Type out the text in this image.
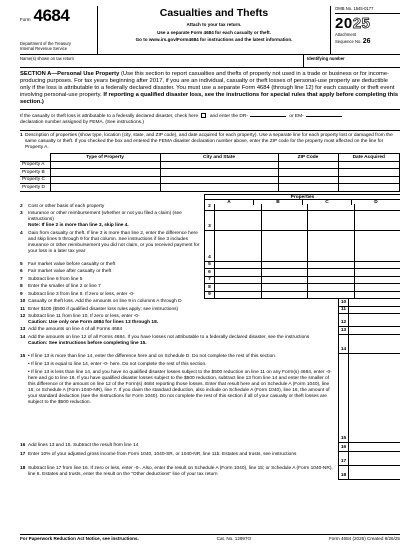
Form 4684
Department of the Treasury
Internal Revenue Service
Casualties and Thefts
Attach to your tax return.
Use a separate Form 4684 for each casualty or theft.
Go to www.irs.gov/Form4684 for instructions and the latest information.
OMB No. 1545-0177
2025
Attachment
Sequence No. 26
Name(s) shown on tax return	Identifying number
SECTION A—Personal Use Property (Use this section to report casualties and thefts of property not used in a trade or business or for income-producing purposes. For tax years beginning after 2017, if you are an individual, casualty or theft losses of personal-use property are deductible only if the loss is attributable to a federally declared disaster. You must use a separate Form 4684 (through line 12) for each casualty or theft event involving personal-use property. If reporting a qualified disaster loss, see the instructions for special rules that apply before completing this section.)
If the casualty or theft loss is attributable to a federally declared disaster, check here and enter the DR-	or EM-
declaration number assigned by FEMA. (See instructions.)
1 Description of properties (show type, location (city, state, and ZIP code), and date acquired for each property). Use a separate line for each property lost or damaged from the same casualty or theft. If you checked the box and entered the FEMA disaster declaration number above, enter the ZIP code for the property most affected on the line for Property A.
	Type of Property	City and State	ZIP Code	Date Acquired
Property A				
Property B				
Property C				
Property D				
Properties
A	B	C	D
2	Cost or other basis of each property	2
3	Insurance or other reimbursement (whether or not you filed a claim) (see instructions)
Note: If line 2 is more than line 3, skip line 4.	3
4	Gain from casualty or theft. If line 3 is more than line 2, enter the difference here and skip lines 5 through 9 for that column. See instructions if line 3 includes insurance or other reimbursement you did not claim, or you received payment for your loss in a later tax year
4
5	Fair market value before casualty or theft	5
6	Fair market value after casualty or theft	6
7	Subtract line 6 from line 5	7
8	Enter the smaller of line 2 or line 7	8
9	Subtract line 3 from line 8. If zero or less, enter -0-	9
10 Casualty or theft loss. Add the amounts on line 9 in columns A through D	10
11 Enter $100 ($500 if qualified disaster loss rules apply; see instructions)	11
12 Subtract line 11 from line 10. If zero or less, enter -0-
Caution: Use only one Form 4684 for lines 13 through 18.	12
13 Add the amounts on line 4 of all Forms 4684	13
14 Add the amounts on line 12 of all Forms 4684. If you have losses not attributable to a federally declared disaster, see the instructions
Caution: See instructions before completing line 15.
14
15 • If line 13 is more than line 14, enter the difference here and on Schedule D. Do not complete the rest of this section.
• If line 13 is equal to line 14, enter -0- here. Do not complete the rest of this section.
• If line 13 is less than line 14, and you have no qualified disaster losses subject to the $500 reduction on line 11 on any Form(s) 4684, enter -0- here and go to line 16. If you have qualified disaster losses subject to the $500 reduction, subtract line 13 from line 14 and enter the smaller of this difference or the amount on line 12 of the Form(s) 4684 reporting those losses. Enter that result here and on Schedule A (Form 1040), line 16; or Schedule A (Form 1040-NR), line 7. If you claim the standard deduction, also include on Schedule A (Form 1040), line 16, the amount of your standard deduction (see the Instructions for Form 1040). Do not complete the rest of this section if all of your casualty or theft losses are subject to the $500 reduction.
15
16 Add lines 13 and 15. Subtract the result from line 14	16
17 Enter 10% of your adjusted gross income from Form 1040, 1040-SR, or 1040-NR, line 11b. Estates and trusts, see instructions
17
18 Subtract line 17 from line 16. If zero or less, enter -0-. Also, enter the result on Schedule A (Form 1040), line 15; or Schedule A (Form 1040-NR), line 6. Estates and trusts, enter the result on the "Other deductions" line of your tax return	18
For Paperwork Reduction Act Notice, see instructions.	Cat. No. 12997O	Form 4684 (2025) Created 8/26/25
